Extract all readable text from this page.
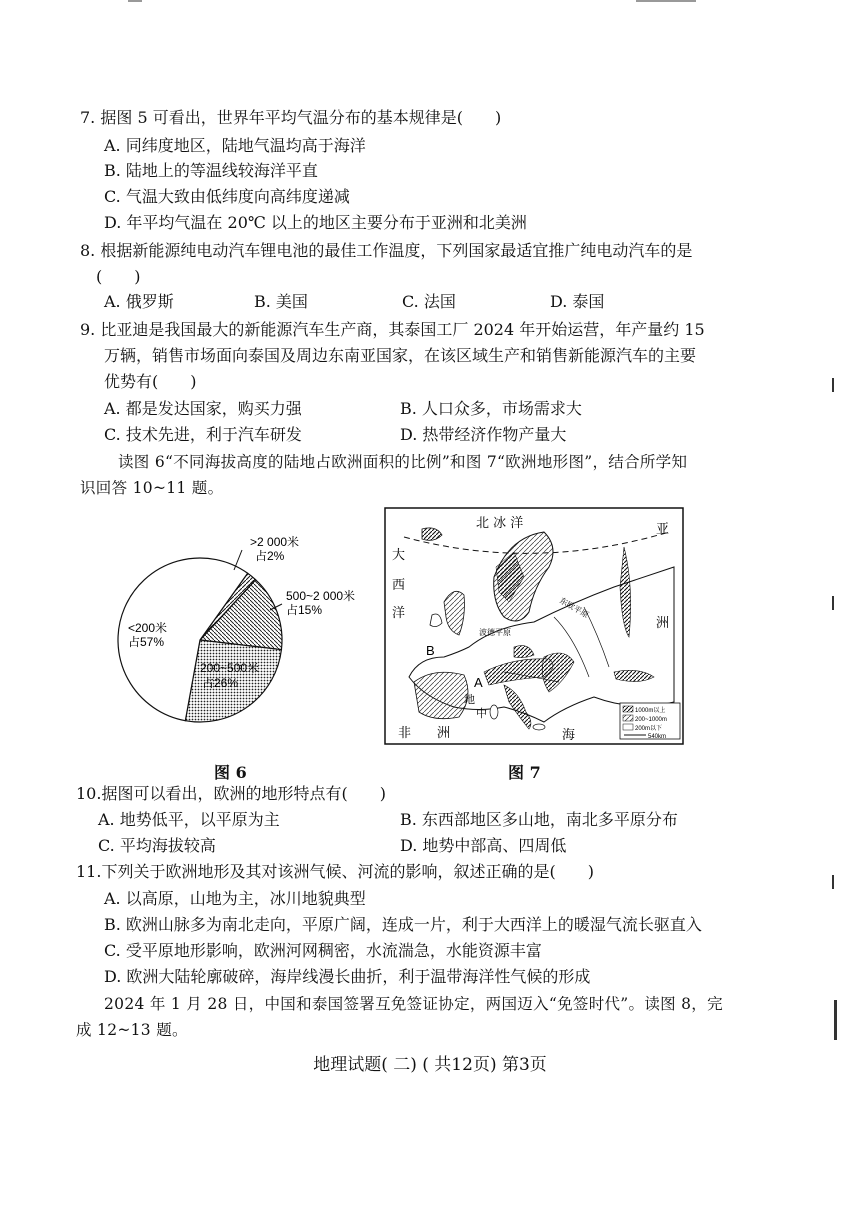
7. 据图 5 可看出，世界年平均气温分布的基本规律是(　　)
A. 同纬度地区，陆地气温均高于海洋
B. 陆地上的等温线较海洋平直
C. 气温大致由低纬度向高纬度递减
D. 年平均气温在 20℃ 以上的地区主要分布于亚洲和北美洲
8. 根据新能源纯电动汽车锂电池的最佳工作温度，下列国家最适宜推广纯电动汽车的是
(　　)
A. 俄罗斯	B. 美国	C. 法国	D. 泰国
9. 比亚迪是我国最大的新能源汽车生产商，其泰国工厂 2024 年开始运营，年产量约 15
万辆，销售市场面向泰国及周边东南亚国家，在该区域生产和销售新能源汽车的主要
优势有(　　)
A. 都是发达国家，购买力强	B. 人口众多，市场需求大
C. 技术先进，利于汽车研发	D. 热带经济作物产量大
读图 6“不同海拔高度的陆地占欧洲面积的比例”和图 7“欧洲地形图”，结合所学知
识回答 10~11 题。
>2 000米
占2%
500~2 000米
占15%
200~500米
占26%
<200米
占57%
图 6
1000m以上
200~1000m
200m以下
540km
北 冰 洋
大
西
洋
亚
洲
非　　洲	海
中
地
东欧平原
波德平原
A
B
图 7
10.据图可以看出，欧洲的地形特点有(　　)
A. 地势低平，以平原为主	B. 东西部地区多山地，南北多平原分布
C. 平均海拔较高	D. 地势中部高、四周低
11.下列关于欧洲地形及其对该洲气候、河流的影响，叙述正确的是(　　)
A. 以高原，山地为主，冰川地貌典型
B. 欧洲山脉多为南北走向，平原广阔，连成一片，利于大西洋上的暖湿气流长驱直入
C. 受平原地形影响，欧洲河网稠密，水流湍急，水能资源丰富
D. 欧洲大陆轮廓破碎，海岸线漫长曲折，利于温带海洋性气候的形成
2024 年 1 月 28 日，中国和泰国签署互免签证协定，两国迈入“免签时代”。读图 8，完
成 12~13 题。
地理试题( 二) ( 共12页) 第3页
